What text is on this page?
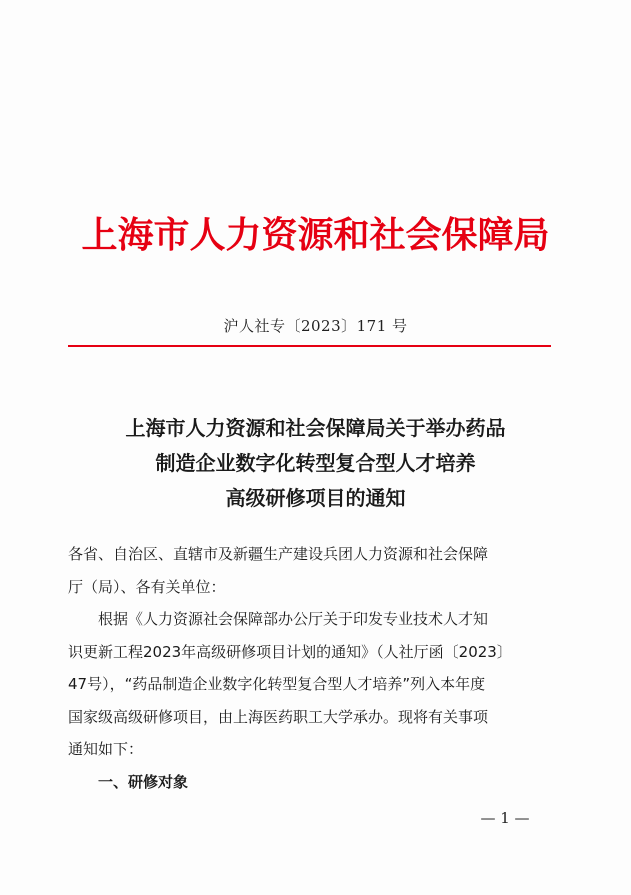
上海市人力资源和社会保障局
沪人社专〔2023〕171 号
上海市人力资源和社会保障局关于举办药品
制造企业数字化转型复合型人才培养
高级研修项目的通知
各省、自治区、直辖市及新疆生产建设兵团人力资源和社会保障
厅（局）、各有关单位：
根据《人力资源社会保障部办公厅关于印发专业技术人才知
识更新工程2023年高级研修项目计划的通知》（人社厅函〔2023〕
47号），“药品制造企业数字化转型复合型人才培养”列入本年度
国家级高级研修项目，由上海医药职工大学承办。现将有关事项
通知如下：
一、研修对象
— 1 —
